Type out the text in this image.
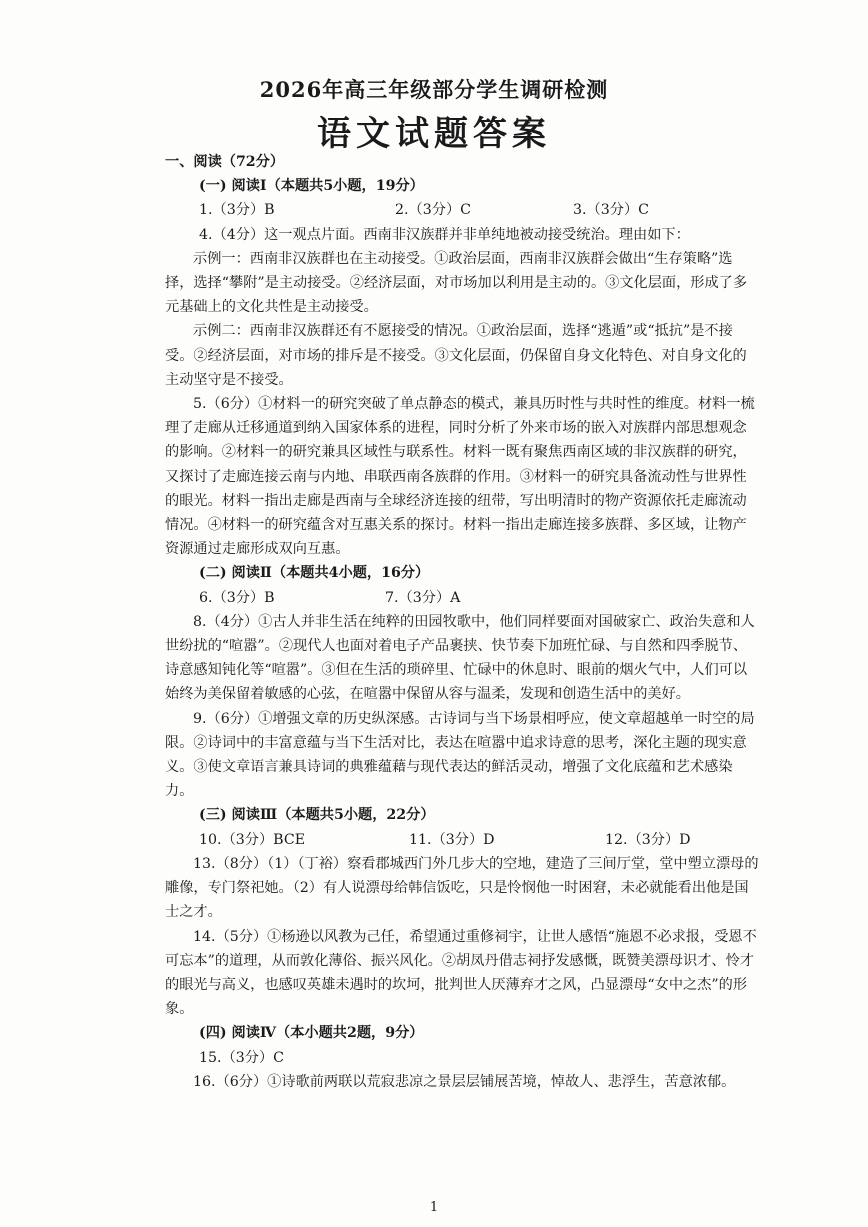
2026年高三年级部分学生调研检测
语文试题答案

一、阅读（72分）

(一) 阅读Ⅰ（本题共5小题，19分）

1.（3分）B	2.（3分）C	3.（3分）C

4.（4分）这一观点片面。西南非汉族群并非单纯地被动接受统治。理由如下：

示例一：西南非汉族群也在主动接受。①政治层面，西南非汉族群会做出“生存策略”选择，选择“攀附”是主动接受。②经济层面，对市场加以利用是主动的。③文化层面，形成了多元基础上的文化共性是主动接受。

示例二：西南非汉族群还有不愿接受的情况。①政治层面，选择“逃遁”或“抵抗”是不接受。②经济层面，对市场的排斥是不接受。③文化层面，仍保留自身文化特色、对自身文化的主动坚守是不接受。

5.（6分）①材料一的研究突破了单点静态的模式，兼具历时性与共时性的维度。材料一梳理了走廊从迁移通道到纳入国家体系的进程，同时分析了外来市场的嵌入对族群内部思想观念的影响。②材料一的研究兼具区域性与联系性。材料一既有聚焦西南区域的非汉族群的研究，又探讨了走廊连接云南与内地、串联西南各族群的作用。③材料一的研究具备流动性与世界性的眼光。材料一指出走廊是西南与全球经济连接的纽带，写出明清时的物产资源依托走廊流动情况。④材料一的研究蕴含对互惠关系的探讨。材料一指出走廊连接多族群、多区域，让物产资源通过走廊形成双向互惠。

(二) 阅读Ⅱ（本题共4小题，16分）

6.（3分）B	7.（3分）A

8.（4分）①古人并非生活在纯粹的田园牧歌中，他们同样要面对国破家亡、政治失意和人世纷扰的“喧嚣”。②现代人也面对着电子产品裹挟、快节奏下加班忙碌、与自然和四季脱节、诗意感知钝化等“喧嚣”。③但在生活的琐碎里、忙碌中的休息时、眼前的烟火气中，人们可以始终为美保留着敏感的心弦，在喧嚣中保留从容与温柔，发现和创造生活中的美好。

9.（6分）①增强文章的历史纵深感。古诗词与当下场景相呼应，使文章超越单一时空的局限。②诗词中的丰富意蕴与当下生活对比，表达在喧嚣中追求诗意的思考，深化主题的现实意义。③使文章语言兼具诗词的典雅蕴藉与现代表达的鲜活灵动，增强了文化底蕴和艺术感染力。

(三) 阅读Ⅲ（本题共5小题，22分）

10.（3分）BCE	11.（3分）D	12.（3分）D

13.（8分）（1）（丁裕）察看郡城西门外几步大的空地，建造了三间厅堂，堂中塑立漂母的雕像，专门祭祀她。（2）有人说漂母给韩信饭吃，只是怜悯他一时困窘，未必就能看出他是国士之才。

14.（5分）①杨逊以风教为己任，希望通过重修祠宇，让世人感悟“施恩不必求报，受恩不可忘本”的道理，从而敦化薄俗、振兴风化。②胡凤丹借志祠抒发感慨，既赞美漂母识才、怜才的眼光与高义，也感叹英雄未遇时的坎坷，批判世人厌薄弃才之风，凸显漂母“女中之杰”的形象。

(四) 阅读Ⅳ（本小题共2题，9分）

15.（3分）C

16.（6分）①诗歌前两联以荒寂悲凉之景层层铺展苦境，悼故人、悲浮生，苦意浓郁。

1
